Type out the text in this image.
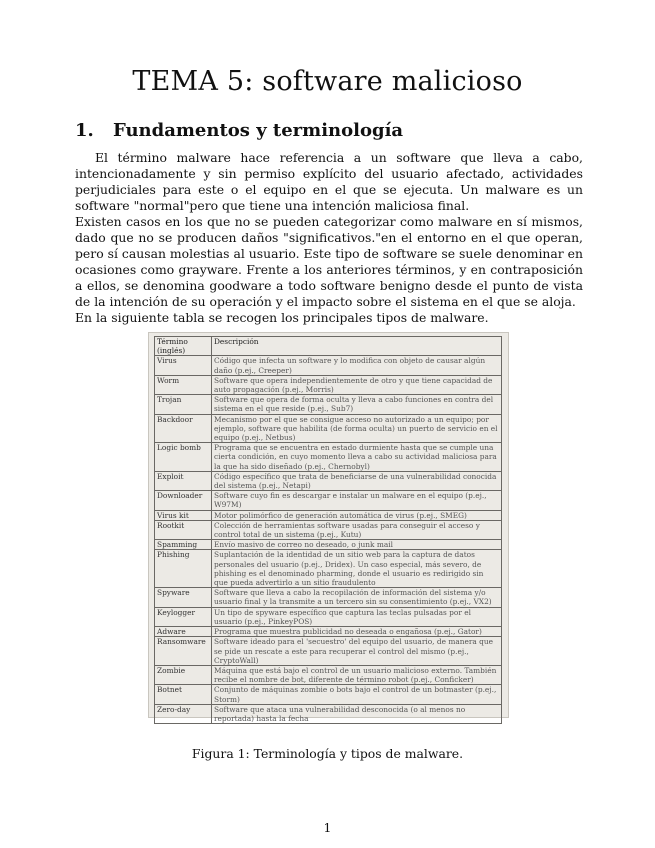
TEMA 5: software malicioso
1. Fundamentos y terminología

El término malware hace referencia a un software que lleva a cabo, intencionadamente y sin permiso explícito del usuario afectado, actividades perjudiciales para este o el equipo en el que se ejecuta. Un malware es un software "normal"pero que tiene una intención maliciosa final.

Existen casos en los que no se pueden categorizar como malware en sí mismos, dado que no se producen daños "significativos."en el entorno en el que operan, pero sí causan molestias al usuario. Este tipo de software se suele denominar en ocasiones como grayware. Frente a los anteriores términos, y en contraposición a ellos, se denomina goodware a todo software benigno desde el punto de vista de la intención de su operación y el impacto sobre el sistema en el que se aloja.

En la siguiente tabla se recogen los principales tipos de malware.

Término (inglés)	Descripción
Virus	Código que infecta un software y lo modifica con objeto de causar algún daño (p.ej., Creeper)
Worm	Software que opera independientemente de otro y que tiene capacidad de auto propagación (p.ej., Morris)
Trojan	Software que opera de forma oculta y lleva a cabo funciones en contra del sistema en el que reside (p.ej., Sub7)
Backdoor	Mecanismo por el que se consigue acceso no autorizado a un equipo; por ejemplo, software que habilita (de forma oculta) un puerto de servicio en el equipo (p.ej., Netbus)
Logic bomb	Programa que se encuentra en estado durmiente hasta que se cumple una cierta condición, en cuyo momento lleva a cabo su actividad maliciosa para la que ha sido diseñado (p.ej., Chernobyl)
Exploit	Código específico que trata de beneficiarse de una vulnerabilidad conocida del sistema (p.ej., Netapi)
Downloader	Software cuyo fin es descargar e instalar un malware en el equipo (p.ej., W97M)
Virus kit	Motor polimórfico de generación automática de virus (p.ej., SMEG)
Rootkit	Colección de herramientas software usadas para conseguir el acceso y control total de un sistema (p.ej., Kutu)
Spamming	Envío masivo de correo no deseado, o junk mail
Phishing	Suplantación de la identidad de un sitio web para la captura de datos personales del usuario (p.ej., Dridex). Un caso especial, más severo, de phishing es el denominado pharming, donde el usuario es redirigido sin que pueda advertirlo a un sitio fraudulento
Spyware	Software que lleva a cabo la recopilación de información del sistema y/o usuario final y la transmite a un tercero sin su consentimiento (p.ej., VX2)
Keylogger	Un tipo de spyware específico que captura las teclas pulsadas por el usuario (p.ej., PinkeyPOS)
Adware	Programa que muestra publicidad no deseada o engañosa (p.ej., Gator)
Ransomware	Software ideado para el 'secuestro' del equipo del usuario, de manera que se pide un rescate a este para recuperar el control del mismo (p.ej., CryptoWall)
Zombie	Máquina que está bajo el control de un usuario malicioso externo. También recibe el nombre de bot, diferente de término robot (p.ej., Conficker)
Botnet	Conjunto de máquinas zombie o bots bajo el control de un botmaster (p.ej., Storm)
Zero-day	Software que ataca una vulnerabilidad desconocida (o al menos no reportada) hasta la fecha
Figura 1: Terminología y tipos de malware.
1
